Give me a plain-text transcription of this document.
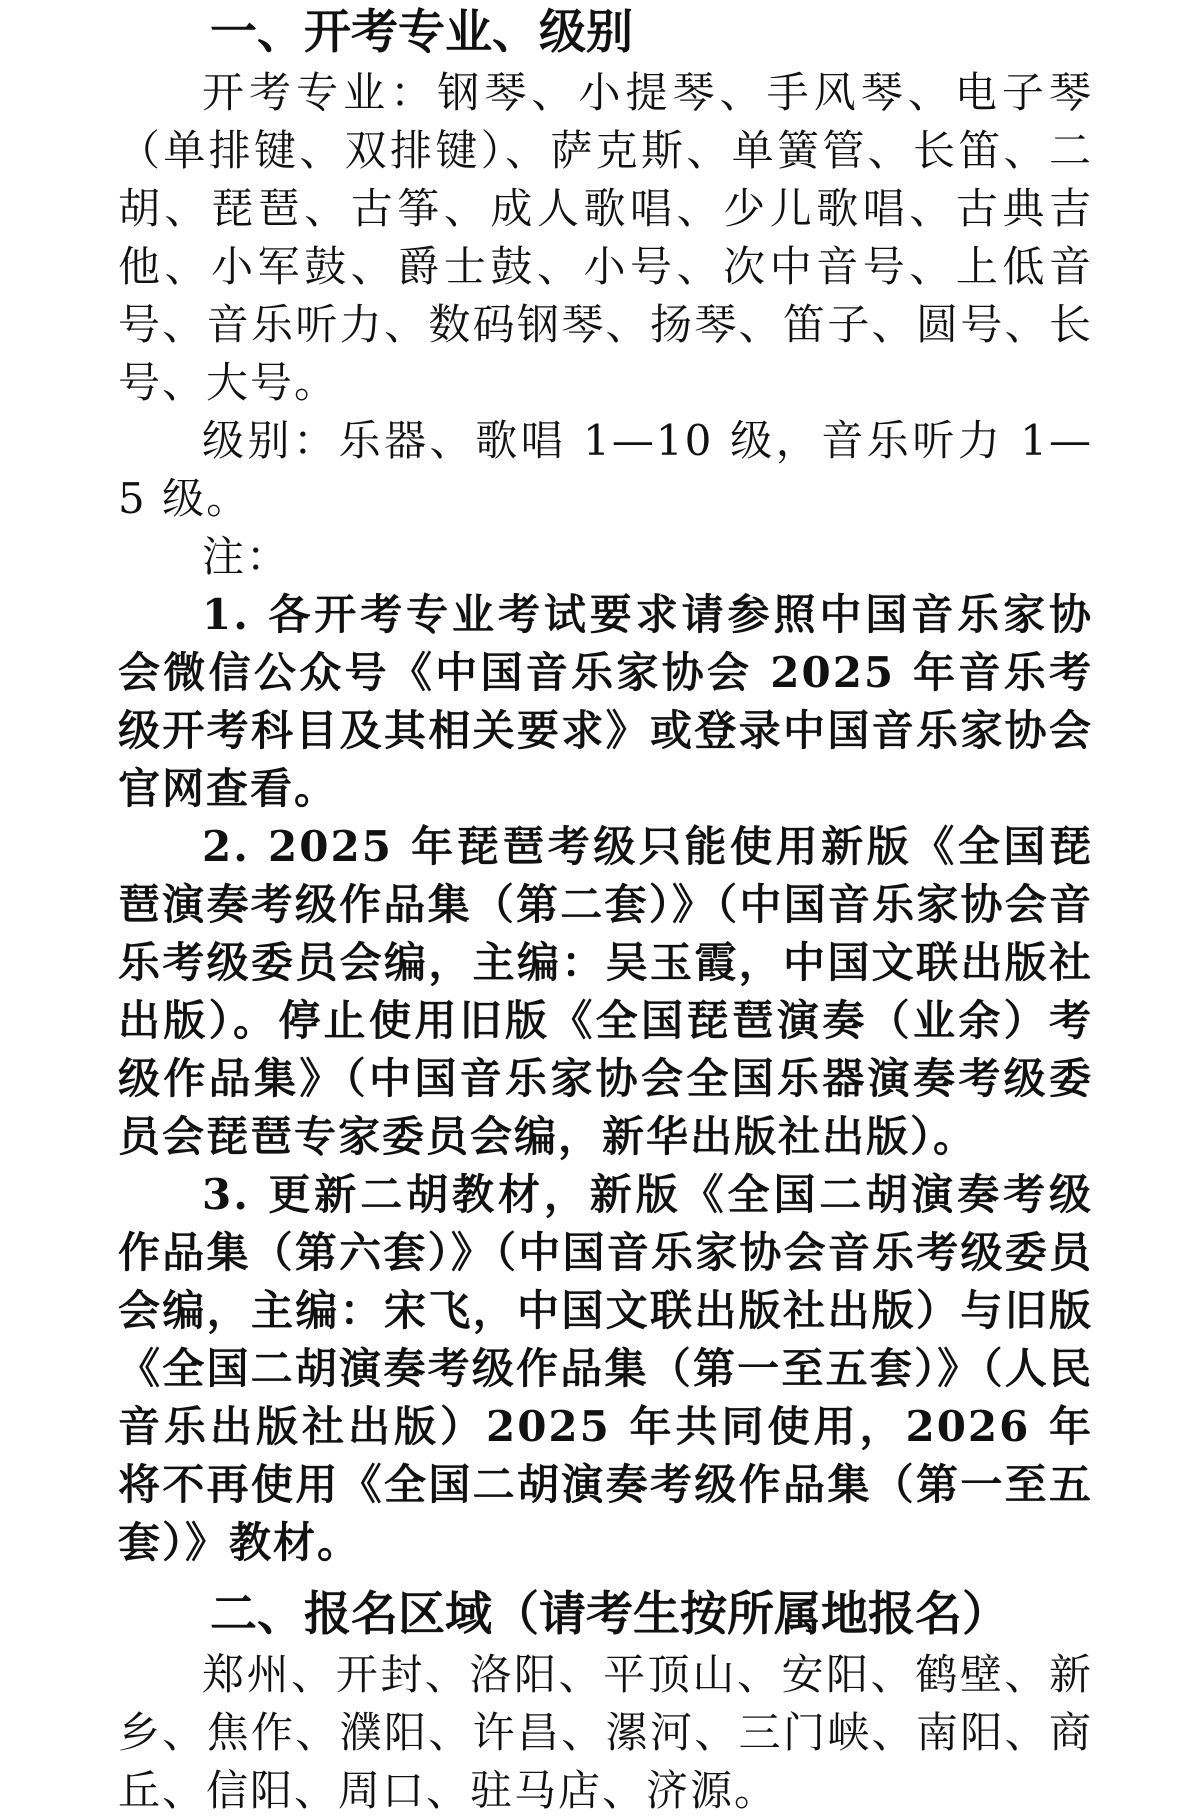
一、开考专业、级别

开考专业：钢琴、小提琴、手风琴、电子琴（单排键、双排键）、萨克斯、单簧管、长笛、二胡、琵琶、古筝、成人歌唱、少儿歌唱、古典吉他、小军鼓、爵士鼓、小号、次中音号、上低音号、音乐听力、数码钢琴、扬琴、笛子、圆号、长号、大号。

级别：乐器、歌唱 1—10 级，音乐听力 1—5 级。

注：

1. 各开考专业考试要求请参照中国音乐家协会微信公众号《中国音乐家协会 2025 年音乐考级开考科目及其相关要求》或登录中国音乐家协会官网查看。

2. 2025 年琵琶考级只能使用新版《全国琵琶演奏考级作品集（第二套）》（中国音乐家协会音乐考级委员会编，主编：吴玉霞，中国文联出版社出版）。停止使用旧版《全国琵琶演奏（业余）考级作品集》（中国音乐家协会全国乐器演奏考级委员会琵琶专家委员会编，新华出版社出版）。

3. 更新二胡教材，新版《全国二胡演奏考级作品集（第六套）》（中国音乐家协会音乐考级委员会编，主编：宋飞，中国文联出版社出版）与旧版《全国二胡演奏考级作品集（第一至五套）》（人民音乐出版社出版）2025 年共同使用，2026 年将不再使用《全国二胡演奏考级作品集（第一至五套）》教材。

二、报名区域（请考生按所属地报名）

郑州、开封、洛阳、平顶山、安阳、鹤壁、新乡、焦作、濮阳、许昌、漯河、三门峡、南阳、商丘、信阳、周口、驻马店、济源。
